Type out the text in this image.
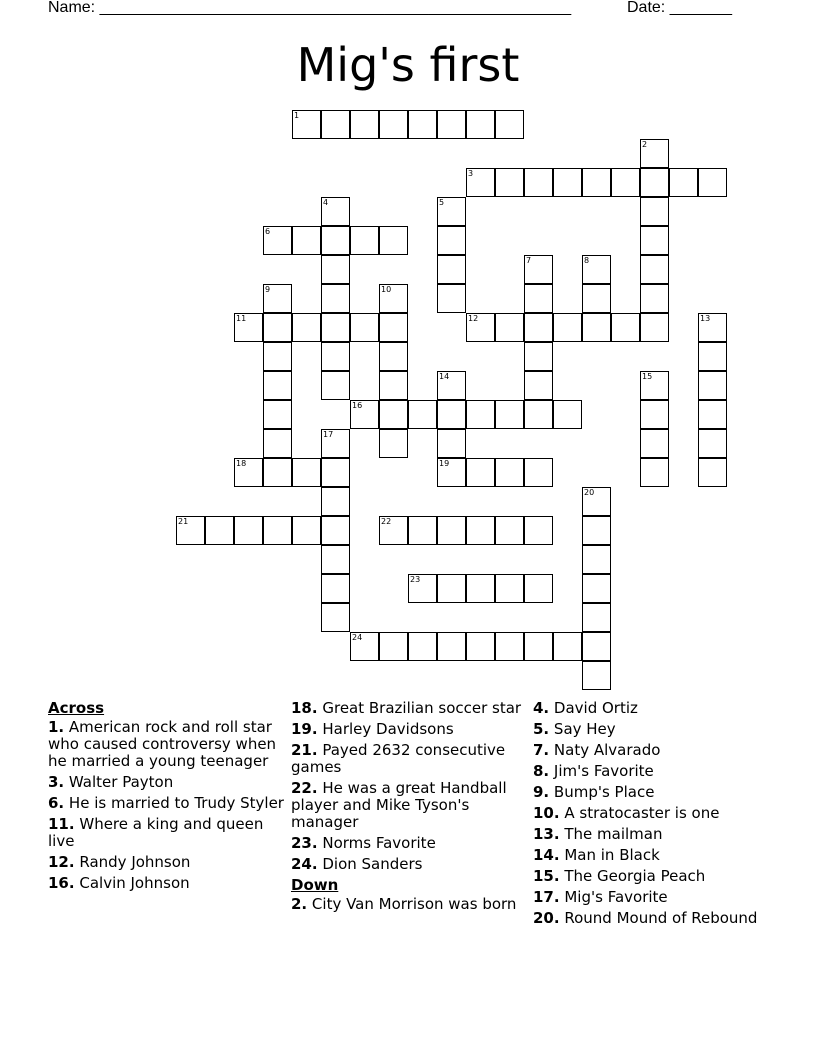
Name: _____________________________________________________	Date: _______
Mig's first
1
2
3
4	5
6
7	8
9	10
11	12	13
14
19
15
16
17
18
20
21	22
23
24
Across
1. American rock and roll star who caused controversy when he married a young teenager
3. Walter Payton
6. He is married to Trudy Styler
11. Where a king and queen live
12. Randy Johnson
16. Calvin Johnson
18. Great Brazilian soccer star
19. Harley Davidsons
21. Payed 2632 consecutive games
22. He was a great Handball player and Mike Tyson's manager
23. Norms Favorite
24. Dion Sanders
Down
2. City Van Morrison was born
4. David Ortiz
5. Say Hey
7. Naty Alvarado
8. Jim's Favorite
9. Bump's Place
10. A stratocaster is one
13. The mailman
14. Man in Black
15. The Georgia Peach
17. Mig's Favorite
20. Round Mound of Rebound
